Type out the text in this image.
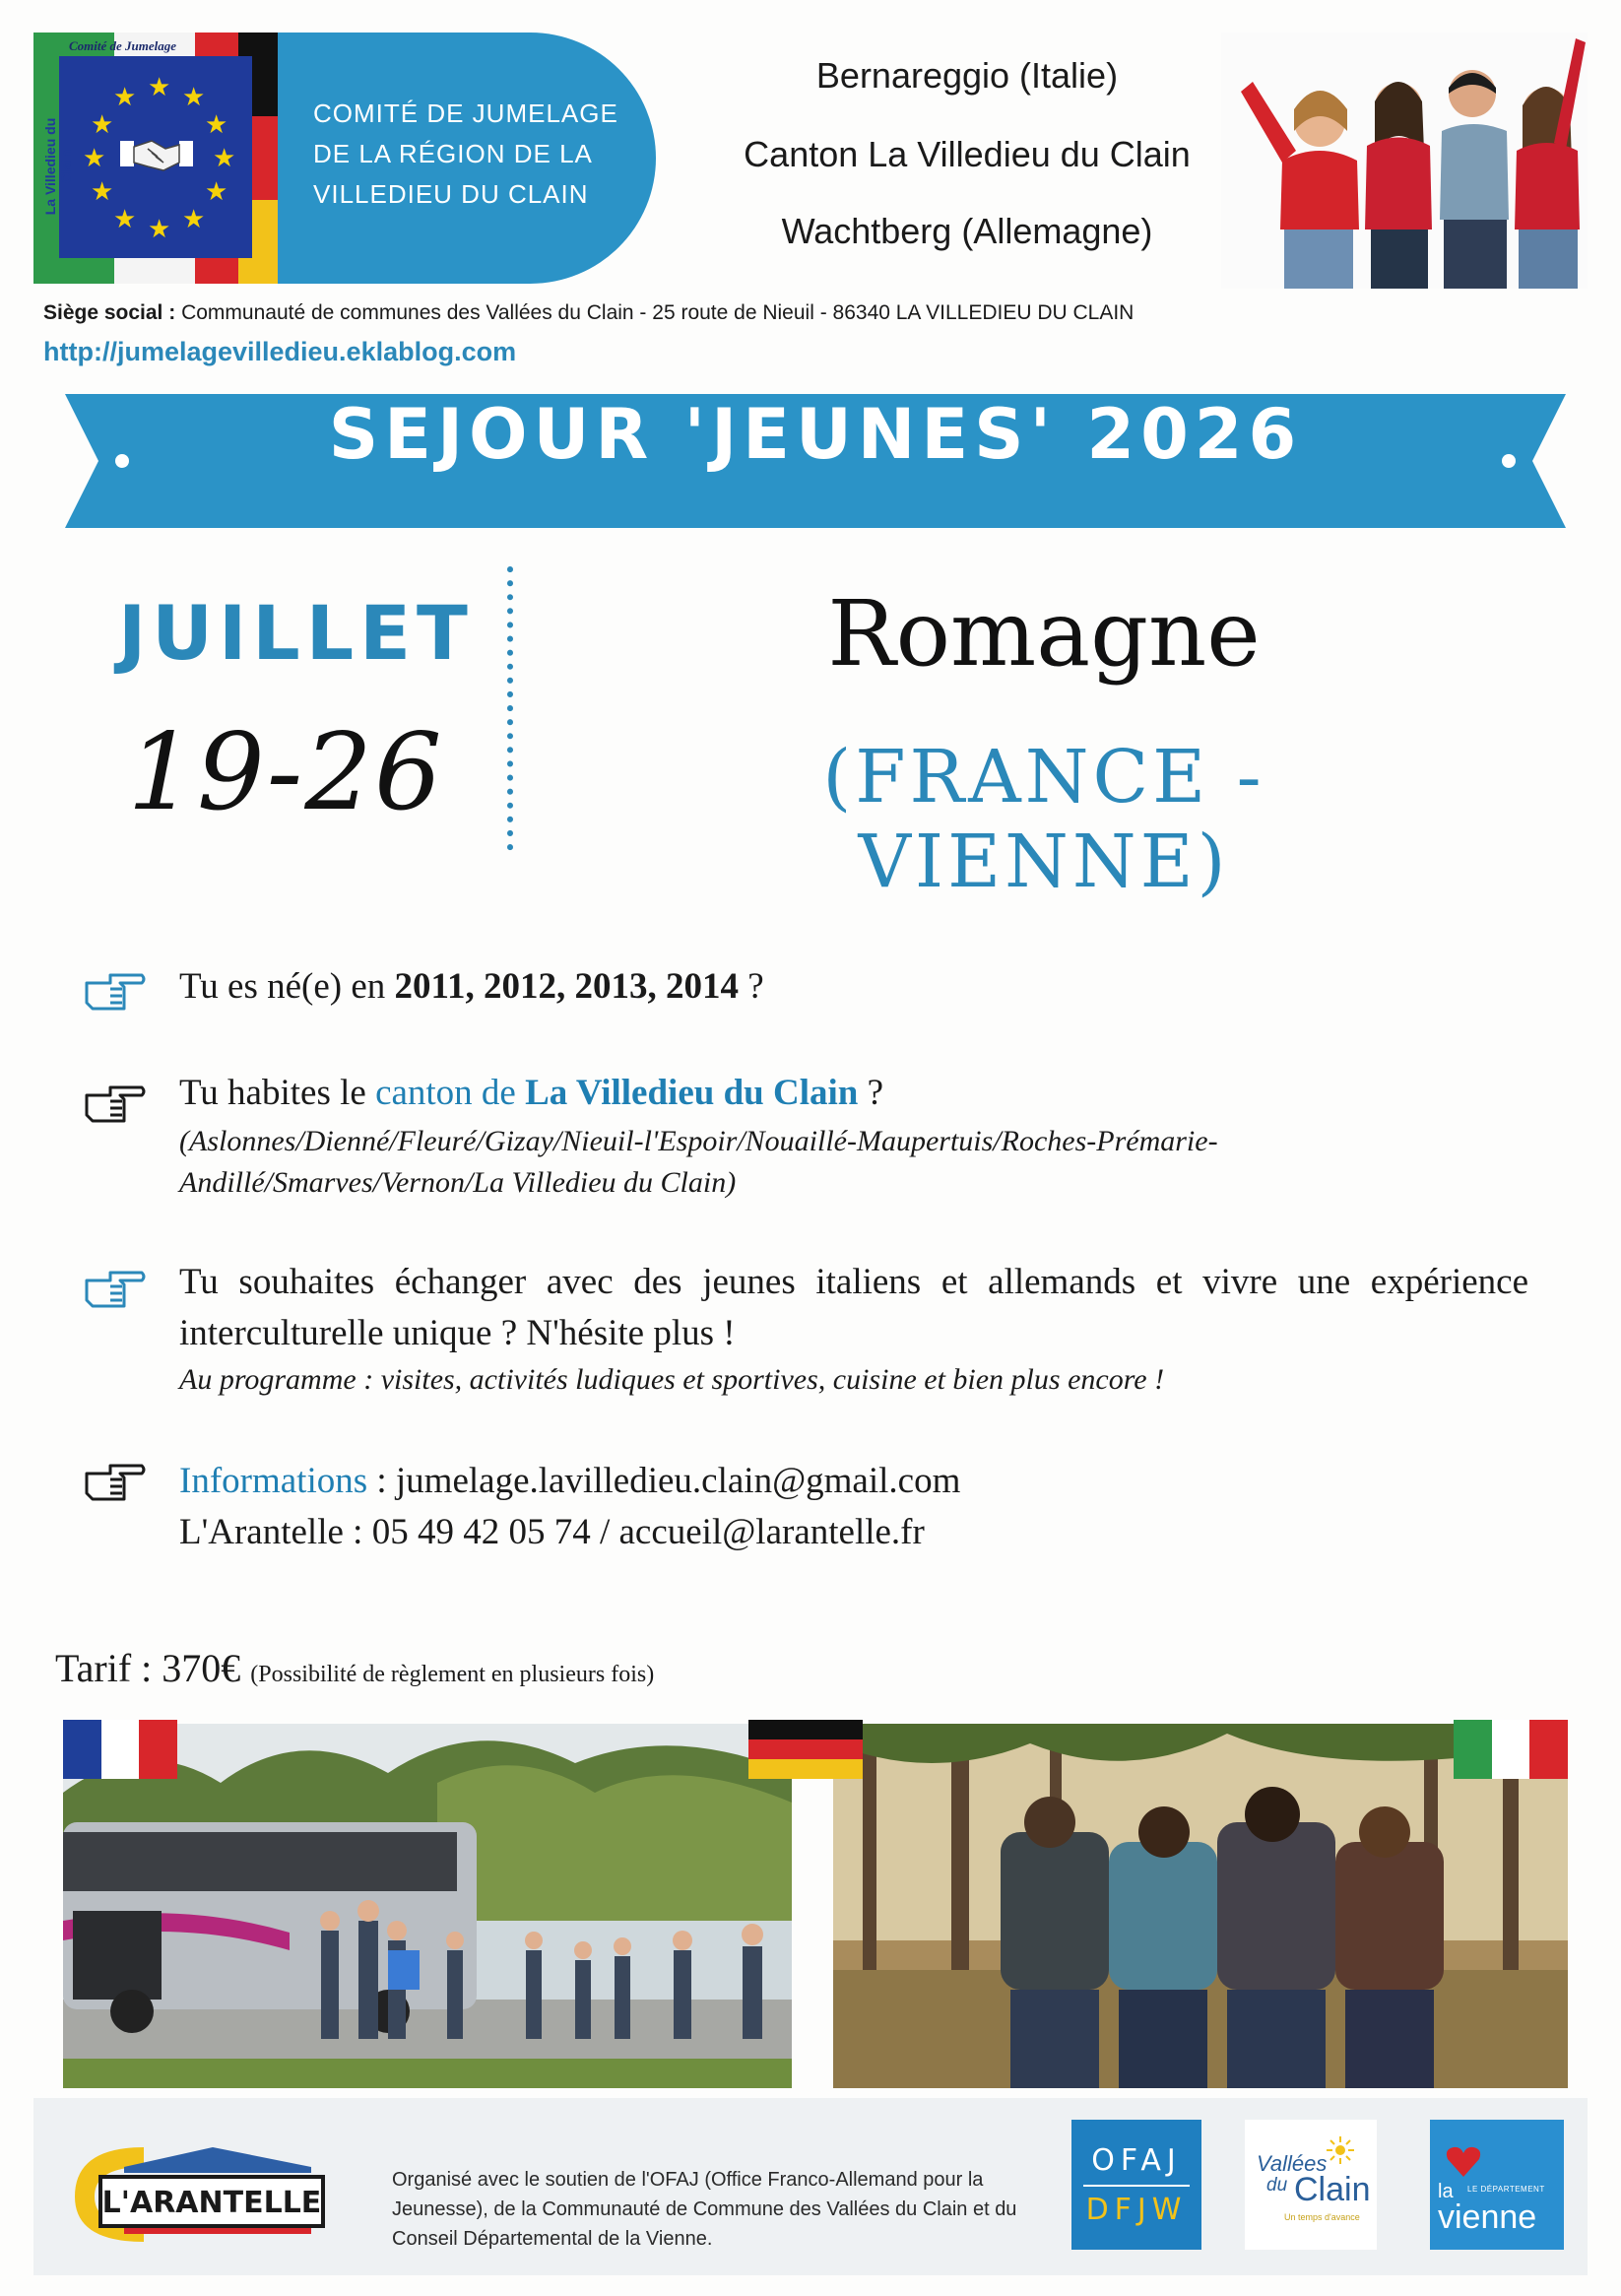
★ ★
★
★
★
★
★
★
★
★
★
★
Comité de Jumelage
La Villedieu du Clain
COMITÉ DE JUMELAGE
DE LA RÉGION DE LA
VILLEDIEU DU CLAIN
Bernareggio (Italie)
Canton La Villedieu du Clain
Wachtberg (Allemagne)
Siège social : Communauté de communes des Vallées du Clain - 25 route de Nieuil - 86340 LA VILLEDIEU DU CLAIN
http://jumelagevilledieu.eklablog.com
SEJOUR 'JEUNES' 2026
JUILLET
19-26
Romagne
(FRANCE - VIENNE)
Tu es né(e) en 2011, 2012, 2013, 2014 ?
Tu habites le canton de La Villedieu du Clain ?
(Aslonnes/Dienné/Fleuré/Gizay/Nieuil-l'Espoir/Nouaillé-Maupertuis/Roches-Prémarie-Andillé/Smarves/Vernon/La Villedieu du Clain)
Tu souhaites échanger avec des jeunes italiens et allemands et vivre une expérience interculturelle unique ? N'hésite plus !
Au programme : visites, activités ludiques et sportives, cuisine et bien plus encore !
Informations : jumelage.lavilledieu.clain@gmail.com
L'Arantelle : 05 49 42 05 74 / accueil@larantelle.fr
Tarif : 370€ (Possibilité de règlement en plusieurs fois)
L'ARANTELLE
Organisé avec le soutien de l'OFAJ (Office Franco-Allemand pour la Jeunesse), de la Communauté de Commune des Vallées du Clain et du Conseil Départemental de la Vienne.
OFAJ
DFJW
Vallées
du Clain
Un temps d'avance
la LE DÉPARTEMENT
vienne
